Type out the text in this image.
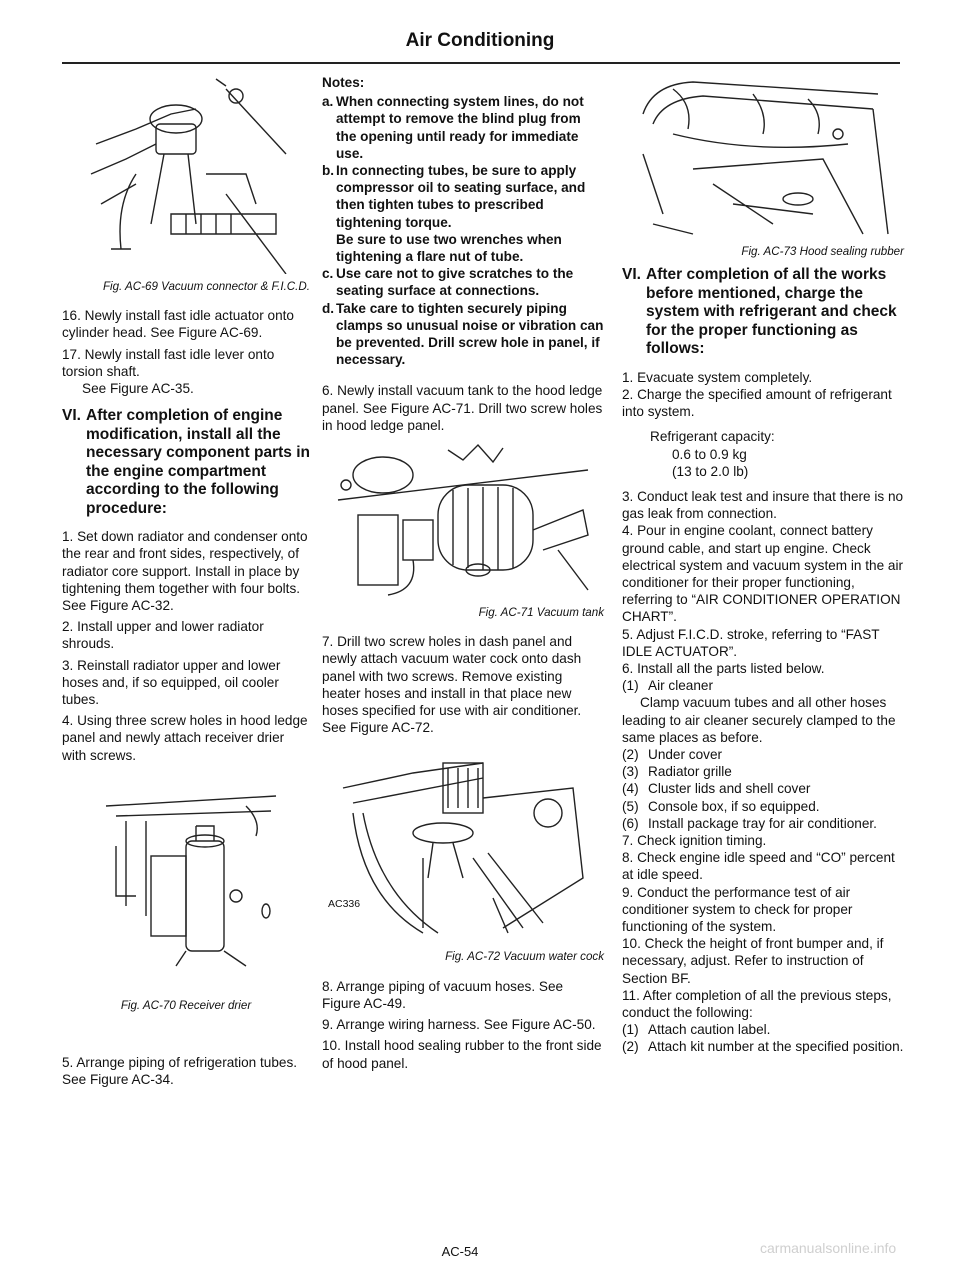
Air Conditioning
Fig. AC-69 Vacuum connector & F.I.C.D.

16. Newly install fast idle actuator onto cylinder head. See Figure AC-69.

17. Newly install fast idle lever onto torsion shaft.

See Figure AC-35.

VI. After completion of engine modification, install all the necessary component parts in the engine compartment according to the following procedure:

1. Set down radiator and condenser onto the rear and front sides, respectively, of radiator core support. Install in place by tightening them together with four bolts. See Figure AC-32.

2. Install upper and lower radiator shrouds.

3. Reinstall radiator upper and lower hoses and, if so equipped, oil cooler tubes.

4. Using three screw holes in hood ledge panel and newly attach receiver drier with screws.

Fig. AC-70 Receiver drier

5. Arrange piping of refrigeration tubes. See Figure AC-34.

Notes:

a. When connecting system lines, do not attempt to remove the blind plug from the opening until ready for immediate use.
b. In connecting tubes, be sure to apply compressor oil to seating surface, and then tighten tubes to prescribed tightening torque.
Be sure to use two wrenches when tightening a flare nut of tube.
c. Use care not to give scratches to the seating surface at connections.
d. Take care to tighten securely piping clamps so unusual noise or vibration can be prevented. Drill screw hole in panel, if necessary.

6. Newly install vacuum tank to the hood ledge panel. See Figure AC-71. Drill two screw holes in hood ledge panel.

Fig. AC-71 Vacuum tank

7. Drill two screw holes in dash panel and newly attach vacuum water cock onto dash panel with two screws. Remove existing heater hoses and install in that place new hoses specified for use with air conditioner. See Figure AC-72.

AC336
Fig. AC-72 Vacuum water cock

8. Arrange piping of vacuum hoses. See Figure AC-49.

9. Arrange wiring harness. See Figure AC-50.

10. Install hood sealing rubber to the front side of hood panel.

Fig. AC-73 Hood sealing rubber
VI. After completion of all the works before mentioned, charge the system with refrigerant and check for the proper functioning as follows:

1. Evacuate system completely.

2. Charge the specified amount of refrigerant into system.

Refrigerant capacity:
0.6 to 0.9 kg
(13 to 2.0 lb)

3. Conduct leak test and insure that there is no gas leak from connection.

4. Pour in engine coolant, connect battery ground cable, and start up engine. Check electrical system and vacuum system in the air conditioner for their proper functioning, referring to “AIR CONDITIONER OPERATION CHART”.

5. Adjust F.I.C.D. stroke, referring to “FAST IDLE ACTUATOR”.

6. Install all the parts listed below.

(1) Air cleaner

Clamp vacuum tubes and all other hoses leading to air cleaner securely clamped to the same places as before.

(2) Under cover
(3) Radiator grille
(4) Cluster lids and shell cover
(5) Console box, if so equipped.
(6) Install package tray for air conditioner.

7. Check ignition timing.

8. Check engine idle speed and “CO” percent at idle speed.

9. Conduct the performance test of air conditioner system to check for proper functioning of the system.

10. Check the height of front bumper and, if necessary, adjust. Refer to instruction of Section BF.

11. After completion of all the previous steps, conduct the following:

(1) Attach caution label.
(2) Attach kit number at the specified position.
AC-54	carmanualsonline.info
